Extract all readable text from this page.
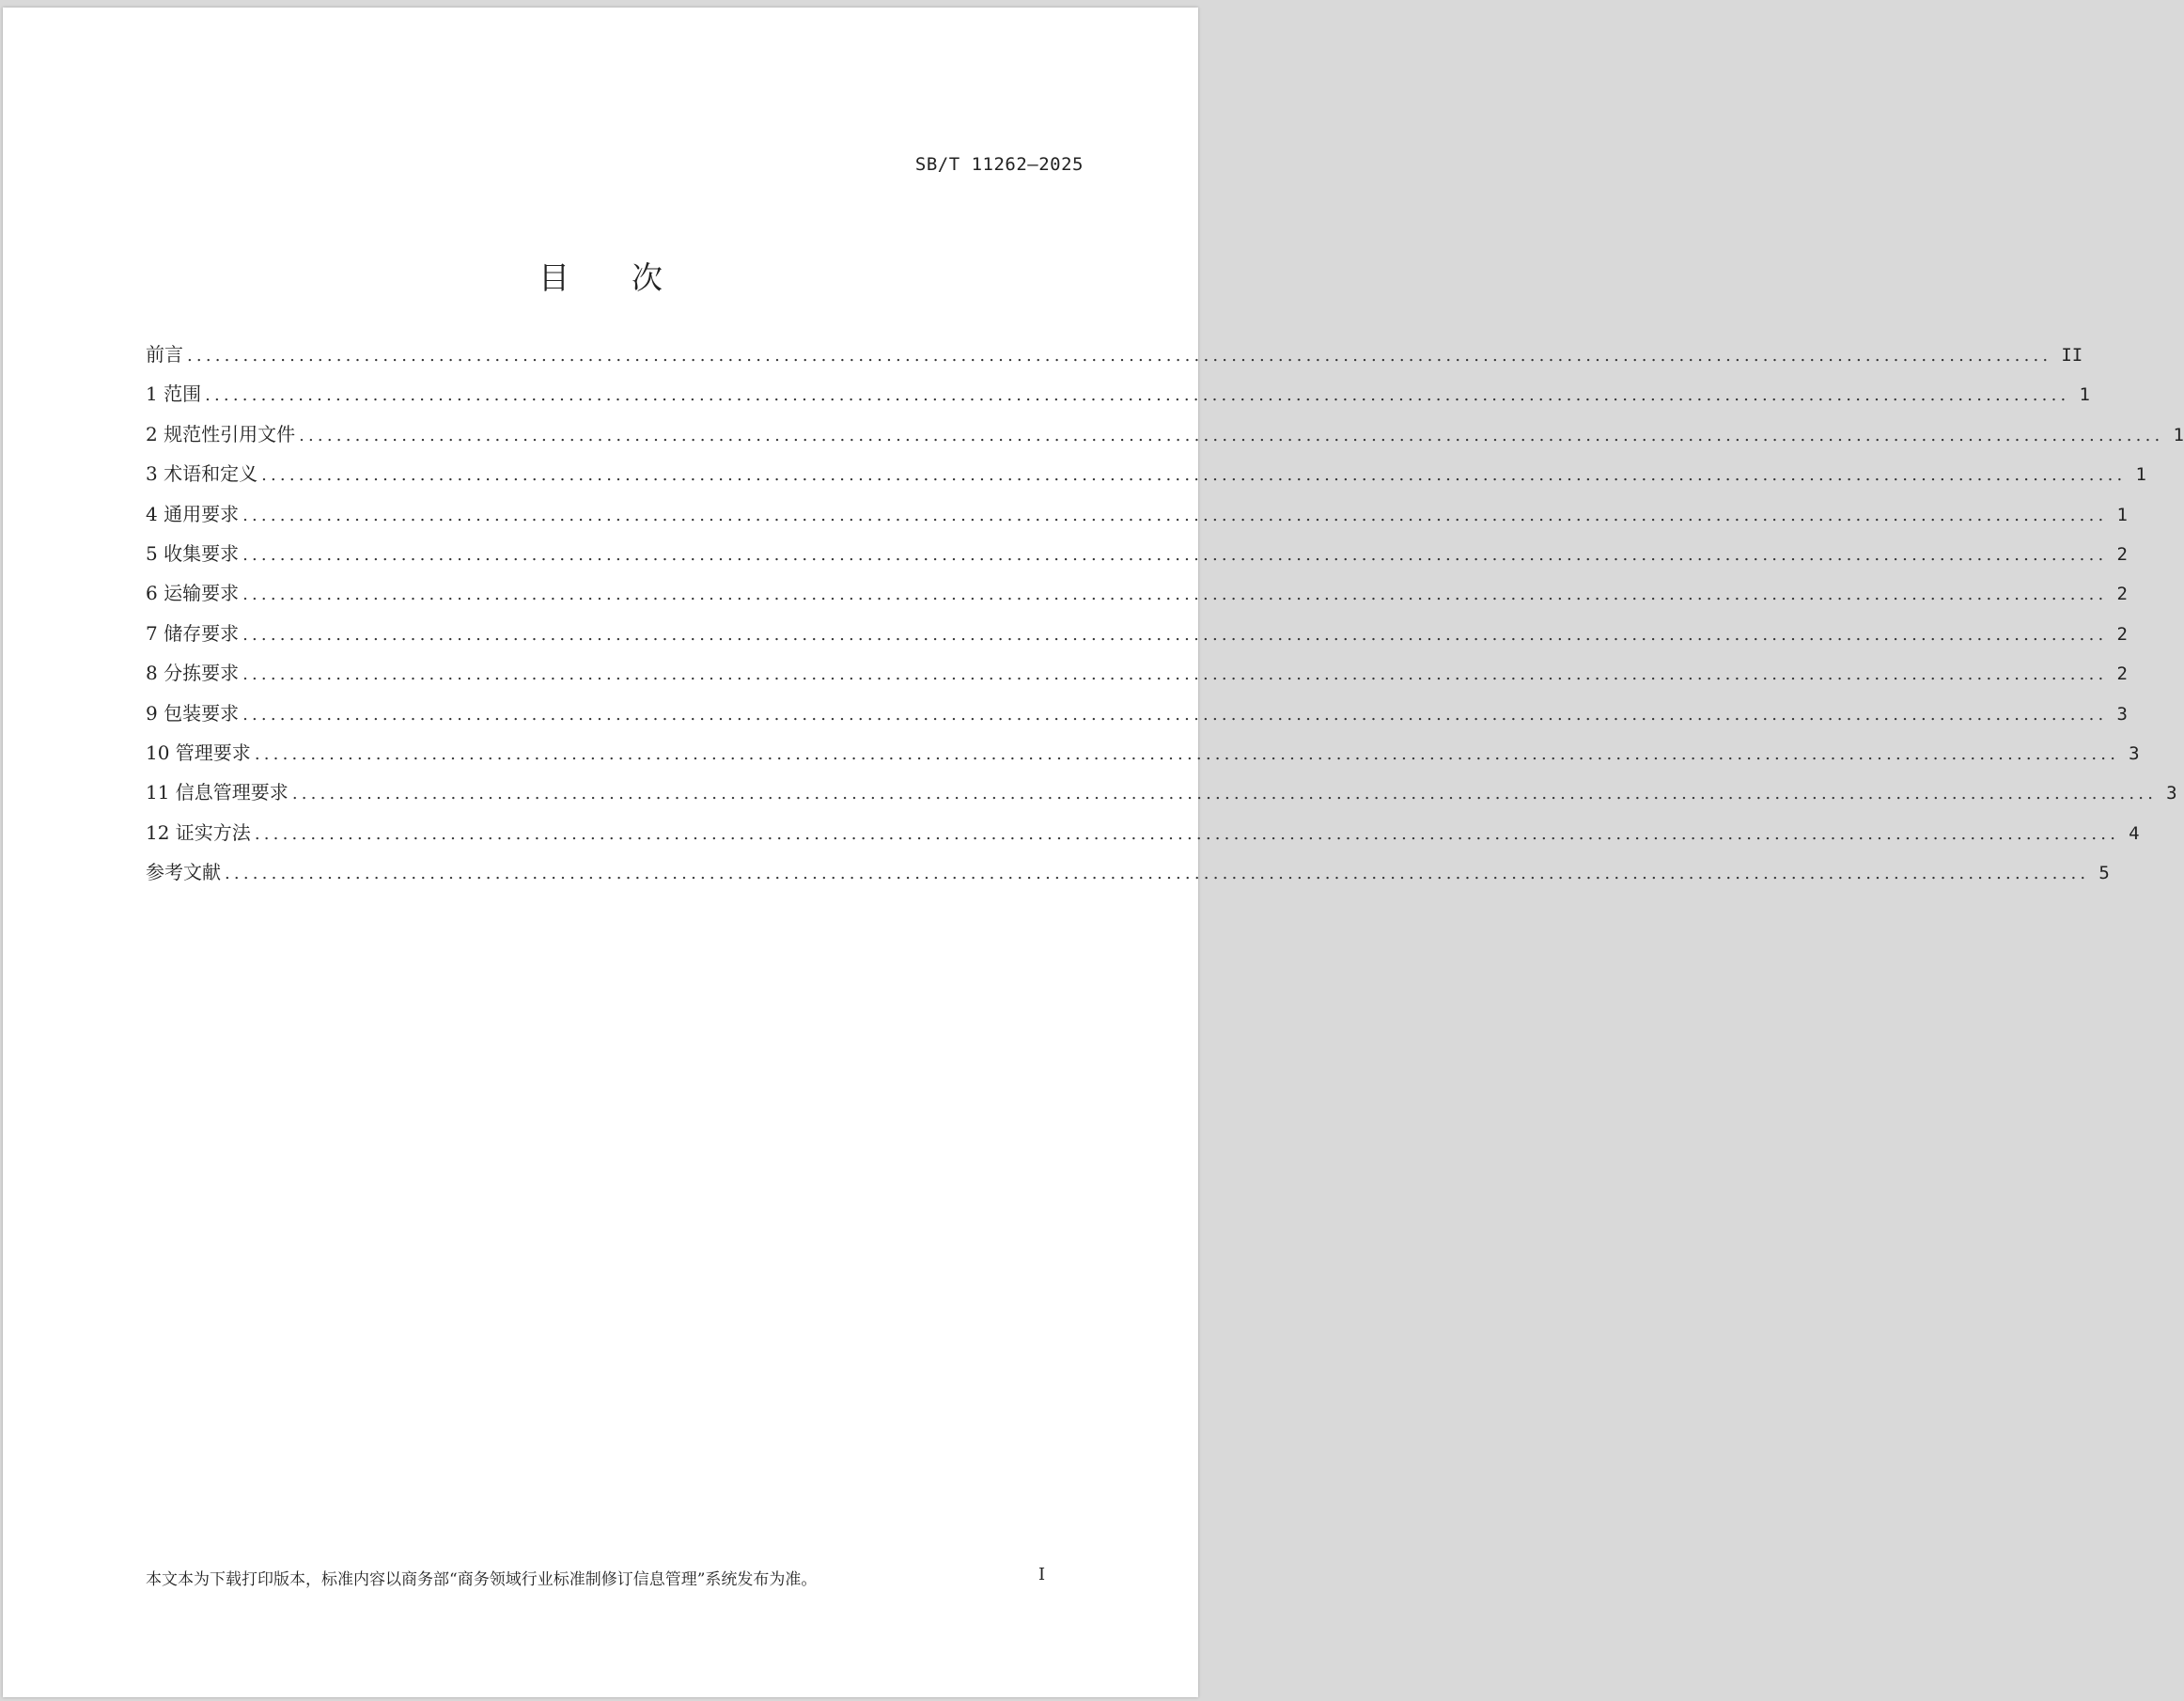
SB/T 11262—2025
目　　次
前言 ........................................................................................................................................................................................................ II
1 范围 ........................................................................................................................................................................................................ 1
2 规范性引用文件 ........................................................................................................................................................................................................ 1
3 术语和定义 ........................................................................................................................................................................................................ 1
4 通用要求 ........................................................................................................................................................................................................ 1
5 收集要求 ........................................................................................................................................................................................................ 2
6 运输要求 ........................................................................................................................................................................................................ 2
7 储存要求 ........................................................................................................................................................................................................ 2
8 分拣要求 ........................................................................................................................................................................................................ 2
9 包装要求 ........................................................................................................................................................................................................ 3
10 管理要求 ........................................................................................................................................................................................................ 3
11 信息管理要求 ........................................................................................................................................................................................................ 3
12 证实方法 ........................................................................................................................................................................................................ 4
参考文献 ........................................................................................................................................................................................................ 5
本文本为下载打印版本，标准内容以商务部“商务领域行业标准制修订信息管理”系统发布为准。	I
